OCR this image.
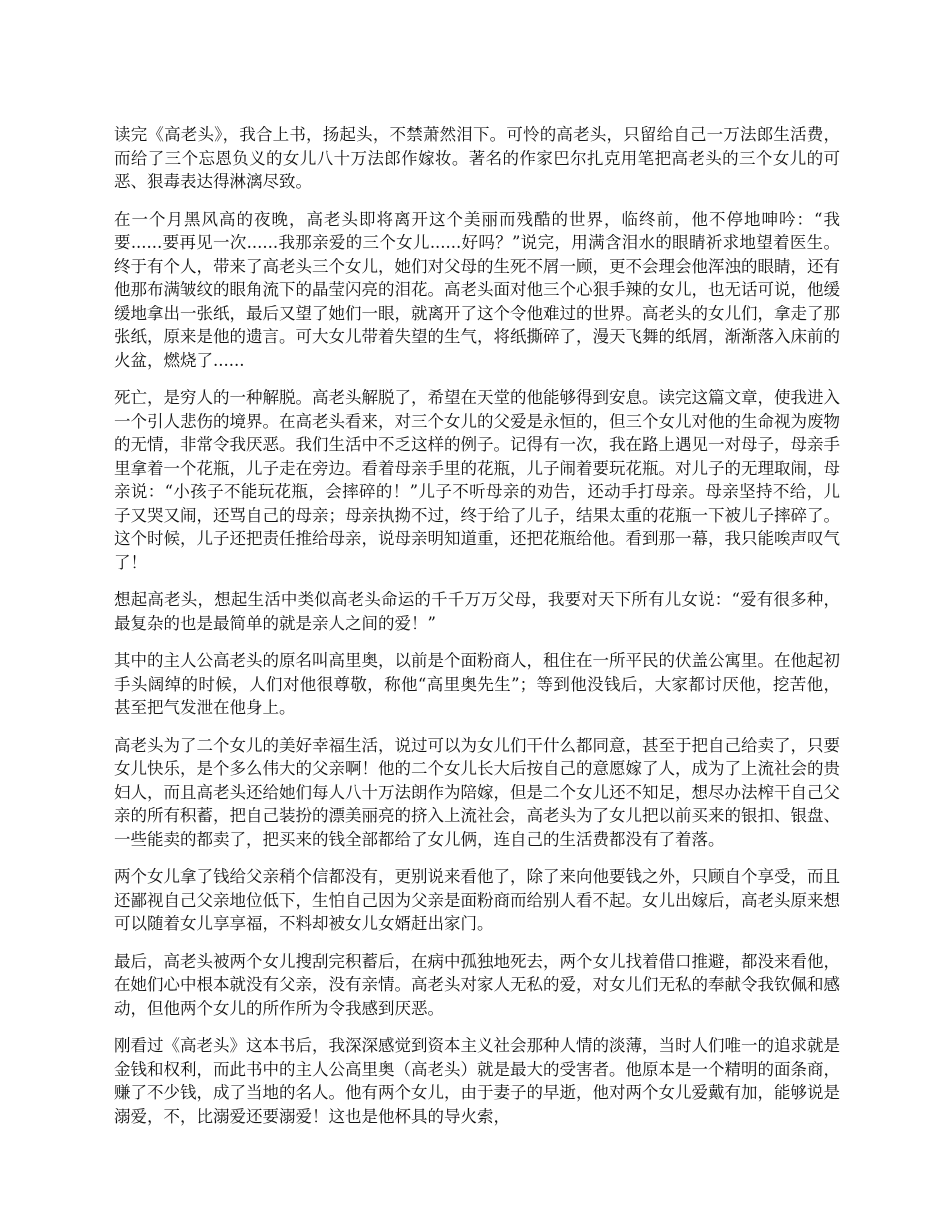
读完《高老头》，我合上书，扬起头，不禁萧然泪下。可怜的高老头，只留给自己一万法郎生活费，而给了三个忘恩负义的女儿八十万法郎作嫁妆。著名的作家巴尔扎克用笔把高老头的三个女儿的可恶、狠毒表达得淋漓尽致。

在一个月黑风高的夜晚，高老头即将离开这个美丽而残酷的世界，临终前，他不停地呻吟：“我要......要再见一次......我那亲爱的三个女儿......好吗？”说完，用满含泪水的眼睛祈求地望着医生。终于有个人，带来了高老头三个女儿，她们对父母的生死不屑一顾，更不会理会他浑浊的眼睛，还有他那布满皱纹的眼角流下的晶莹闪亮的泪花。高老头面对他三个心狠手辣的女儿，也无话可说，他缓缓地拿出一张纸，最后又望了她们一眼，就离开了这个令他难过的世界。高老头的女儿们，拿走了那张纸，原来是他的遗言。可大女儿带着失望的生气，将纸撕碎了，漫天飞舞的纸屑，渐渐落入床前的火盆，燃烧了......

死亡，是穷人的一种解脱。高老头解脱了，希望在天堂的他能够得到安息。读完这篇文章，使我进入一个引人悲伤的境界。在高老头看来，对三个女儿的父爱是永恒的，但三个女儿对他的生命视为废物的无情，非常令我厌恶。我们生活中不乏这样的例子。记得有一次，我在路上遇见一对母子，母亲手里拿着一个花瓶，儿子走在旁边。看着母亲手里的花瓶，儿子闹着要玩花瓶。对儿子的无理取闹，母亲说：“小孩子不能玩花瓶，会摔碎的！”儿子不听母亲的劝告，还动手打母亲。母亲坚持不给，儿子又哭又闹，还骂自己的母亲；母亲执拗不过，终于给了儿子，结果太重的花瓶一下被儿子摔碎了。这个时候，儿子还把责任推给母亲，说母亲明知道重，还把花瓶给他。看到那一幕，我只能唉声叹气了！

想起高老头，想起生活中类似高老头命运的千千万万父母，我要对天下所有儿女说：“爱有很多种，最复杂的也是最简单的就是亲人之间的爱！”

其中的主人公高老头的原名叫高里奥，以前是个面粉商人，租住在一所平民的伏盖公寓里。在他起初手头阔绰的时候，人们对他很尊敬，称他“高里奥先生”；等到他没钱后，大家都讨厌他，挖苦他，甚至把气发泄在他身上。

高老头为了二个女儿的美好幸福生活，说过可以为女儿们干什么都同意，甚至于把自己给卖了，只要女儿快乐，是个多么伟大的父亲啊！他的二个女儿长大后按自己的意愿嫁了人，成为了上流社会的贵妇人，而且高老头还给她们每人八十万法朗作为陪嫁，但是二个女儿还不知足，想尽办法榨干自己父亲的所有积蓄，把自己装扮的漂美丽亮的挤入上流社会，高老头为了女儿把以前买来的银扣、银盘、一些能卖的都卖了，把买来的钱全部都给了女儿俩，连自己的生活费都没有了着落。

两个女儿拿了钱给父亲稍个信都没有，更别说来看他了，除了来向他要钱之外，只顾自个享受，而且还鄙视自己父亲地位低下，生怕自己因为父亲是面粉商而给别人看不起。女儿出嫁后，高老头原来想可以随着女儿享享福，不料却被女儿女婿赶出家门。

最后，高老头被两个女儿搜刮完积蓄后，在病中孤独地死去，两个女儿找着借口推避，都没来看他，在她们心中根本就没有父亲，没有亲情。高老头对家人无私的爱，对女儿们无私的奉献令我钦佩和感动，但他两个女儿的所作所为令我感到厌恶。

刚看过《高老头》这本书后，我深深感觉到资本主义社会那种人情的淡薄，当时人们唯一的追求就是金钱和权利，而此书中的主人公高里奥（高老头）就是最大的受害者。他原本是一个精明的面条商，赚了不少钱，成了当地的名人。他有两个女儿，由于妻子的早逝，他对两个女儿爱戴有加，能够说是溺爱，不，比溺爱还要溺爱！这也是他杯具的导火索，
